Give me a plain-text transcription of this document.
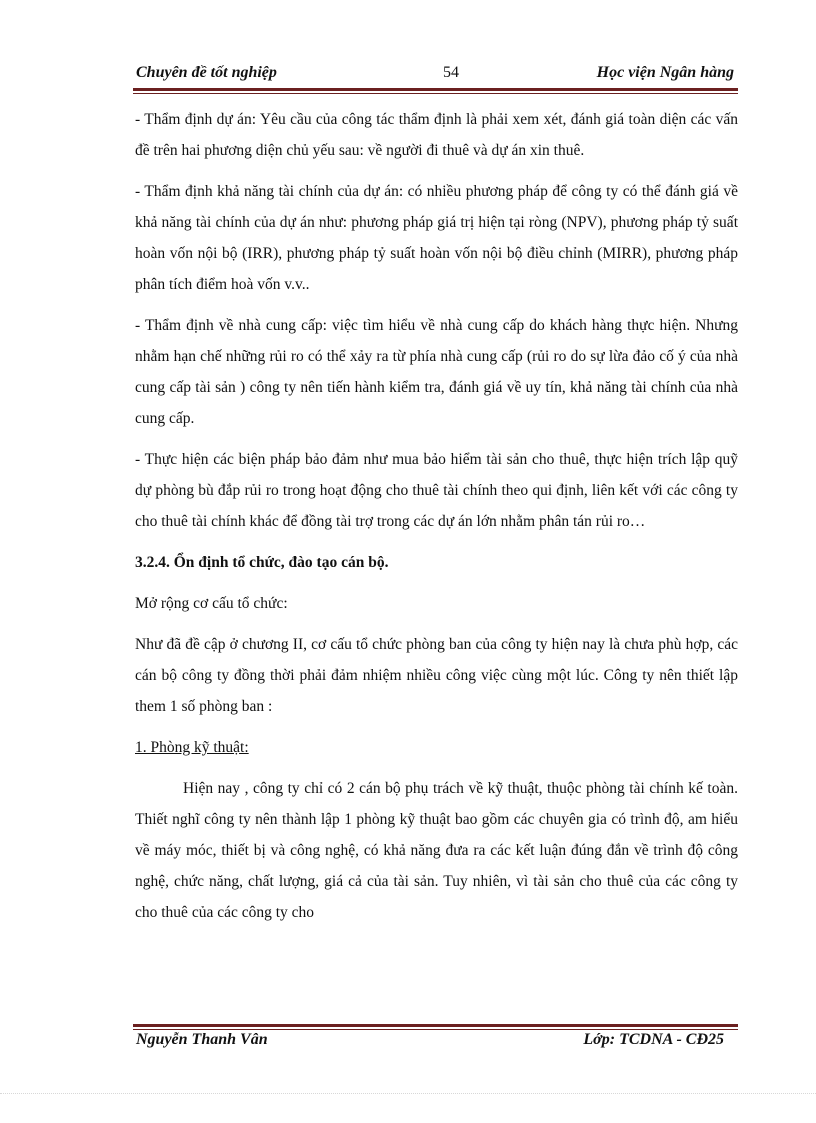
Chuyên đề tốt nghiệp	54	Học viện Ngân hàng

- Thẩm định dự án: Yêu cầu của công tác thẩm định là phải xem xét, đánh giá toàn diện các vấn đề trên hai phương diện chủ yếu sau: về người đi thuê và dự án xin thuê.

- Thẩm định khả năng tài chính của dự án: có nhiều phương pháp để công ty có thể đánh giá về khả năng tài chính của dự án như: phương pháp giá trị hiện tại ròng (NPV), phương pháp tỷ suất hoàn vốn nội bộ (IRR), phương pháp tỷ suất hoàn vốn nội bộ điều chỉnh (MIRR), phương pháp phân tích điểm hoà vốn v.v..

- Thẩm định về nhà cung cấp: việc tìm hiểu về nhà cung cấp do khách hàng thực hiện. Nhưng nhằm hạn chế những rủi ro có thể xảy ra từ phía nhà cung cấp (rủi ro do sự lừa đảo cố ý của nhà cung cấp tài sản ) công ty nên tiến hành kiểm tra, đánh giá về uy tín, khả năng tài chính của nhà cung cấp.

- Thực hiện các biện pháp bảo đảm như mua bảo hiểm tài sản cho thuê, thực hiện trích lập quỹ dự phòng bù đắp rủi ro trong hoạt động cho thuê tài chính theo qui định, liên kết với các công ty cho thuê tài chính khác để đồng tài trợ trong các dự án lớn nhằm phân tán rủi ro…

3.2.4. Ổn định tổ chức, đào tạo cán bộ.

Mở rộng cơ cấu tổ chức:

Như đã đề cập ở chương II, cơ cấu tổ chức phòng ban của công ty hiện nay là chưa phù hợp, các cán bộ công ty đồng thời phải đảm nhiệm nhiều công việc cùng một lúc. Công ty nên thiết lập them 1 số phòng ban :

1. Phòng kỹ thuật:

Hiện nay , công ty chỉ có 2 cán bộ phụ trách về kỹ thuật, thuộc phòng tài chính kế toàn. Thiết nghĩ công ty nên thành lập 1 phòng kỹ thuật bao gồm các chuyên gia có trình độ, am hiểu về máy móc, thiết bị và công nghệ, có khả năng đưa ra các kết luận đúng đắn về trình độ công nghệ, chức năng, chất lượng, giá cả của tài sản. Tuy nhiên, vì tài sản cho thuê của các công ty cho thuê của các công ty cho

Nguyễn Thanh Vân	Lớp: TCDNA - CĐ25
